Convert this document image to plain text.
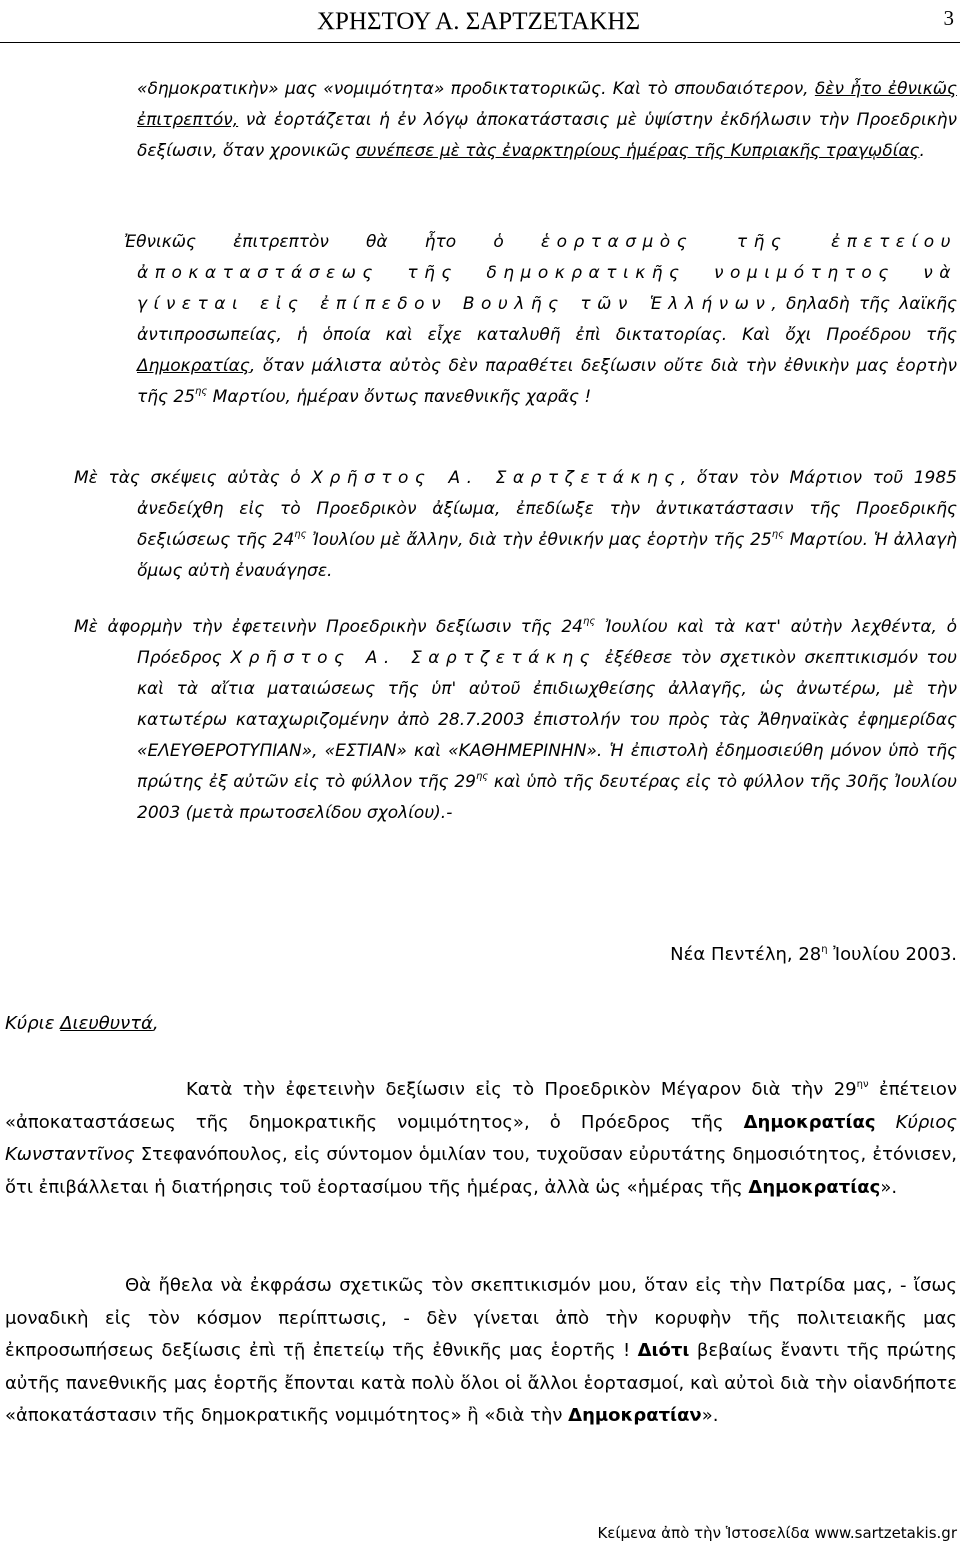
ΧΡΗΣΤΟΥ Α. ΣΑΡΤΖΕΤΑΚΗΣ	3

«δημοκρατικὴν» μας «νομιμότητα» προδικτατορικῶς. Καὶ τὸ σπουδαιότερον, δὲν ἦτο ἐθνικῶς ἐπιτρεπτόν, νὰ ἑορτάζεται ἡ ἐν λόγῳ ἀποκατάστασις μὲ ὑψίστην ἐκδήλωσιν τὴν Προεδρικὴν δεξίωσιν, ὅταν χρονικῶς συνέπεσε μὲ τὰς ἐναρκτηρίους ἡμέρας τῆς Κυπριακῆς τραγῳδίας.

Ἐθνικῶς ἐπιτρεπτὸν θὰ ἦτο ὁ ἑορτασμὸς τῆς ἐπετείου ἀποκαταστάσεως τῆς δημοκρατικῆς νομιμότητος νὰ γίνεται εἰς ἐπίπεδον Βουλῆς τῶν Ἑλλήνων, δηλαδὴ τῆς λαϊκῆς ἀντιπροσωπείας, ἡ ὁποία καὶ εἶχε καταλυθῆ ἐπὶ δικτατορίας. Καὶ ὄχι Προέδρου τῆς Δημοκρατίας, ὅταν μάλιστα αὐτὸς δὲν παραθέτει δεξίωσιν οὔτε διὰ τὴν ἐθνικὴν μας ἑορτὴν τῆς $25^{\eta\varsigma}$ Μαρτίου, ἡμέραν ὄντως πανεθνικῆς χαρᾶς !

Μὲ τὰς σκέψεις αὐτὰς ὁ Χρῆστος Α. Σαρτζετάκης, ὅταν τὸν Μάρτιον τοῦ 1985 ἀνεδείχθη εἰς τὸ Προεδρικὸν ἀξίωμα, ἐπεδίωξε τὴν ἀντικατάστασιν τῆς Προεδρικῆς δεξιώσεως τῆς $24^{\eta\varsigma}$ Ἰουλίου μὲ ἄλλην, διὰ τὴν ἐθνικήν μας ἑορτὴν τῆς $25^{\eta\varsigma}$ Μαρτίου. Ἡ ἀλλαγὴ ὅμως αὐτὴ ἐναυάγησε.

Μὲ ἀφορμὴν τὴν ἐφετεινὴν Προεδρικὴν δεξίωσιν τῆς $24^{\eta\varsigma}$ Ἰουλίου καὶ τὰ κατ' αὐτὴν λεχθέντα, ὁ Πρόεδρος Χρῆστος Α. Σαρτζετάκης ἐξέθεσε τὸν σχετικὸν σκεπτικισμόν του καὶ τὰ αἴτια ματαιώσεως τῆς ὑπ' αὐτοῦ ἐπιδιωχθείσης ἀλλαγῆς, ὡς ἀνωτέρω, μὲ τὴν κατωτέρω καταχωριζομένην ἀπὸ 28.7.2003 ἐπιστολήν του πρὸς τὰς Ἀθηναϊκὰς ἐφημερίδας «ΕΛΕΥΘΕΡΟΤΥΠΙΑΝ», «ΕΣΤΙΑΝ» καὶ «ΚΑΘΗΜΕΡΙΝΗΝ». Ἡ ἐπιστολὴ ἐδημοσιεύθη μόνον ὑπὸ τῆς πρώτης ἐξ αὐτῶν εἰς τὸ φύλλον τῆς $29^{\eta\varsigma}$ καὶ ὑπὸ τῆς δευτέρας εἰς τὸ φύλλον τῆς 30ῆς Ἰουλίου 2003 (μετὰ πρωτοσελίδου σχολίου).-

Νέα Πεντέλη, $28^\eta$ Ἰουλίου 2003.
Κύριε Διευθυντά,

Κατὰ τὴν ἐφετεινὴν δεξίωσιν εἰς τὸ Προεδρικὸν Μέγαρον διὰ τὴν $29^{\eta\nu}$ ἐπέτειον «ἀποκαταστάσεως τῆς δημοκρατικῆς νομιμότητος», ὁ Πρόεδρος τῆς Δημοκρατίας Κύριος Κωνσταντῖνος Στεφανόπουλος, εἰς σύντομον ὁμιλίαν του, τυχοῦσαν εὐρυτάτης δημοσιότητος, ἐτόνισεν, ὅτι ἐπιβάλλεται ἡ διατήρησις τοῦ ἑορτασίμου τῆς ἡμέρας, ἀλλὰ ὡς «ἡμέρας τῆς Δημοκρατίας».

Θὰ ἤθελα νὰ ἐκφράσω σχετικῶς τὸν σκεπτικισμόν μου, ὅταν εἰς τὴν Πατρίδα μας, - ἴσως μοναδικὴ εἰς τὸν κόσμον περίπτωσις, - δὲν γίνεται ἀπὸ τὴν κορυφὴν τῆς πολιτειακῆς μας ἐκπροσωπήσεως δεξίωσις ἐπὶ τῇ ἐπετείῳ τῆς ἐθνικῆς μας ἑορτῆς ! Διότι βεβαίως ἔναντι τῆς πρώτης αὐτῆς πανεθνικῆς μας ἑορτῆς ἔπονται κατὰ πολὺ ὅλοι οἱ ἄλλοι ἑορτασμοί, καὶ αὐτοὶ διὰ τὴν οἱανδήποτε «ἀποκατάστασιν τῆς δημοκρατικῆς νομιμότητος» ἢ «διὰ τὴν Δημοκρατίαν».

Κείμενα ἀπὸ τὴν Ἱστοσελίδα www.sartzetakis.gr
